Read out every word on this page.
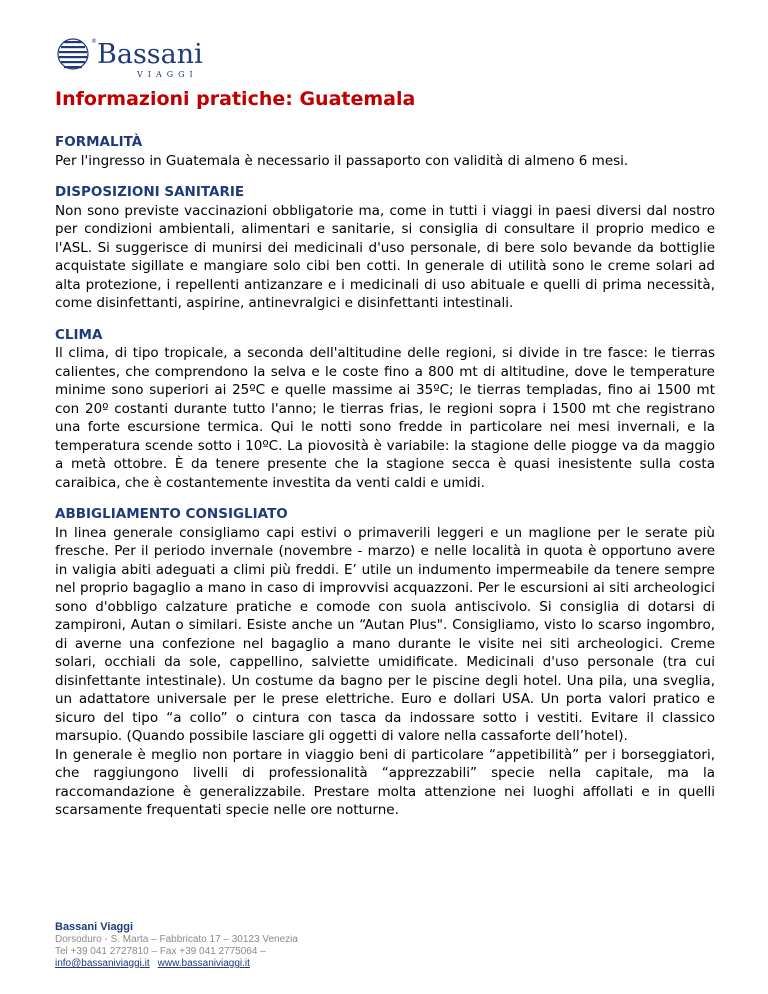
® Bassani
VIAGGI
Informazioni pratiche: Guatemala

FORMALITÀ

Per l'ingresso in Guatemala è necessario il passaporto con validità di almeno 6 mesi.

DISPOSIZIONI SANITARIE

Non sono previste vaccinazioni obbligatorie ma, come in tutti i viaggi in paesi diversi dal nostro per condizioni ambientali, alimentari e sanitarie, si consiglia di consultare il proprio medico e l'ASL. Si suggerisce di munirsi dei medicinali d'uso personale, di bere solo bevande da bottiglie acquistate sigillate e mangiare solo cibi ben cotti. In generale di utilità sono le creme solari ad alta protezione, i repellenti antizanzare e i medicinali di uso abituale e quelli di prima necessità, come disinfettanti, aspirine, antinevralgici e disinfettanti intestinali.

CLIMA

Il clima, di tipo tropicale, a seconda dell'altitudine delle regioni, si divide in tre fasce: le tierras calientes, che comprendono la selva e le coste fino a 800 mt di altitudine, dove le temperature minime sono superiori ai 25ºC e quelle massime ai 35ºC; le tierras templadas, fino ai 1500 mt con 20º costanti durante tutto l'anno; le tierras frias, le regioni sopra i 1500 mt che registrano una forte escursione termica. Qui le notti sono fredde in particolare nei mesi invernali, e la temperatura scende sotto i 10ºC. La piovosità è variabile: la stagione delle piogge va da maggio a metà ottobre. È da tenere presente che la stagione secca è quasi inesistente sulla costa caraibica, che è costantemente investita da venti caldi e umidi.

ABBIGLIAMENTO CONSIGLIATO

In linea generale consigliamo capi estivi o primaverili leggeri e un maglione per le serate più fresche. Per il periodo invernale (novembre - marzo) e nelle località in quota è opportuno avere in valigia abiti adeguati a climi più freddi. E’ utile un indumento impermeabile da tenere sempre nel proprio bagaglio a mano in caso di improvvisi acquazzoni. Per le escursioni ai siti archeologici sono d'obbligo calzature pratiche e comode con suola antiscivolo. Si consiglia di dotarsi di zampironi, Autan o similari. Esiste anche un “Autan Plus". Consigliamo, visto lo scarso ingombro, di averne una confezione nel bagaglio a mano durante le visite nei siti archeologici. Creme solari, occhiali da sole, cappellino, salviette umidificate. Medicinali d'uso personale (tra cui disinfettante intestinale). Un costume da bagno per le piscine degli hotel. Una pila, una sveglia, un adattatore universale per le prese elettriche. Euro e dollari USA. Un porta valori pratico e sicuro del tipo “a collo” o cintura con tasca da indossare sotto i vestiti. Evitare il classico marsupio. (Quando possibile lasciare gli oggetti di valore nella cassaforte dell’hotel).

In generale è meglio non portare in viaggio beni di particolare “appetibilità” per i borseggiatori, che raggiungono livelli di professionalità “apprezzabili” specie nella capitale, ma la raccomandazione è generalizzabile. Prestare molta attenzione nei luoghi affollati e in quelli scarsamente frequentati specie nelle ore notturne.

Bassani Viaggi
Dorsoduro - S. Marta – Fabbricato 17 – 30123 Venezia
Tel +39 041 2727810 – Fax +39 041 2775064 –
info@bassaniviaggi.it www.bassaniviaggi.it
